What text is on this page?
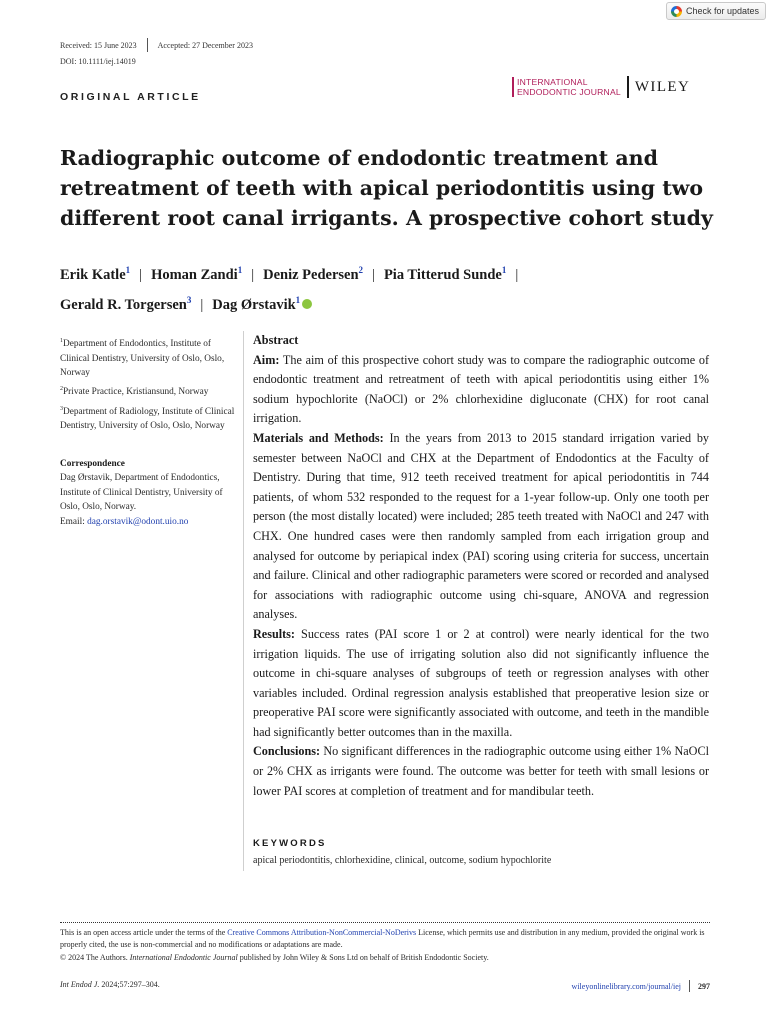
Check for updates
Received: 15 June 2023	Accepted: 27 December 2023
DOI: 10.1111/iej.14019
INTERNATIONAL
ENDODONTIC JOURNAL WILEY
ORIGINAL ARTICLE
Radiographic outcome of endodontic treatment and retreatment of teeth with apical periodontitis using two different root canal irrigants. A prospective cohort study
Erik Katle$^1$ | Homan Zandi$^1$ | Deniz Pedersen$^2$ | Pia Titterud Sunde$^1$ |
Gerald R. Torgersen$^3$ | Dag Ørstavik$^1$
$^1$Department of Endodontics, Institute of Clinical Dentistry, University of Oslo, Oslo, Norway
$^2$Private Practice, Kristiansund, Norway
$^3$Department of Radiology, Institute of Clinical Dentistry, University of Oslo, Oslo, Norway
Correspondence
Dag Ørstavik, Department of Endodontics, Institute of Clinical Dentistry, University of Oslo, Oslo, Norway.
Email: dag.orstavik@odont.uio.no

Abstract

Aim: The aim of this prospective cohort study was to compare the radiographic outcome of endodontic treatment and retreatment of teeth with apical periodontitis using either 1% sodium hypochlorite (NaOCl) or 2% chlorhexidine digluconate (CHX) for root canal irrigation.

Materials and Methods: In the years from 2013 to 2015 standard irrigation varied by semester between NaOCl and CHX at the Department of Endodontics at the Faculty of Dentistry. During that time, 912 teeth received treatment for apical periodontitis in 744 patients, of whom 532 responded to the request for a 1-year follow-up. Only one tooth per person (the most distally located) were included; 285 teeth treated with NaOCl and 247 with CHX. One hundred cases were then randomly sampled from each irrigation group and analysed for outcome by periapical index (PAI) scoring using criteria for success, uncertain and failure. Clinical and other radiographic parameters were scored or recorded and analysed for associations with radiographic outcome using chi-square, ANOVA and regression analyses.

Results: Success rates (PAI score 1 or 2 at control) were nearly identical for the two irrigation liquids. The use of irrigating solution also did not significantly influence the outcome in chi-square analyses of subgroups of teeth or regression analyses with other variables included. Ordinal regression analysis established that preoperative lesion size or preoperative PAI score were significantly associated with outcome, and teeth in the mandible had significantly better outcomes than in the maxilla.

Conclusions: No significant differences in the radiographic outcome using either 1% NaOCl or 2% CHX as irrigants were found. The outcome was better for teeth with small lesions or lower PAI scores at completion of treatment and for mandibular teeth.

KEYWORDS
apical periodontitis, chlorhexidine, clinical, outcome, sodium hypochlorite
This is an open access article under the terms of the Creative Commons Attribution-NonCommercial-NoDerivs License, which permits use and distribution in any medium, provided the original work is properly cited, the use is non-commercial and no modifications or adaptations are made.
© 2024 The Authors. International Endodontic Journal published by John Wiley & Sons Ltd on behalf of British Endodontic Society.
Int Endod J. 2024;57:297–304.	wileyonlinelibrary.com/journal/iej 297
